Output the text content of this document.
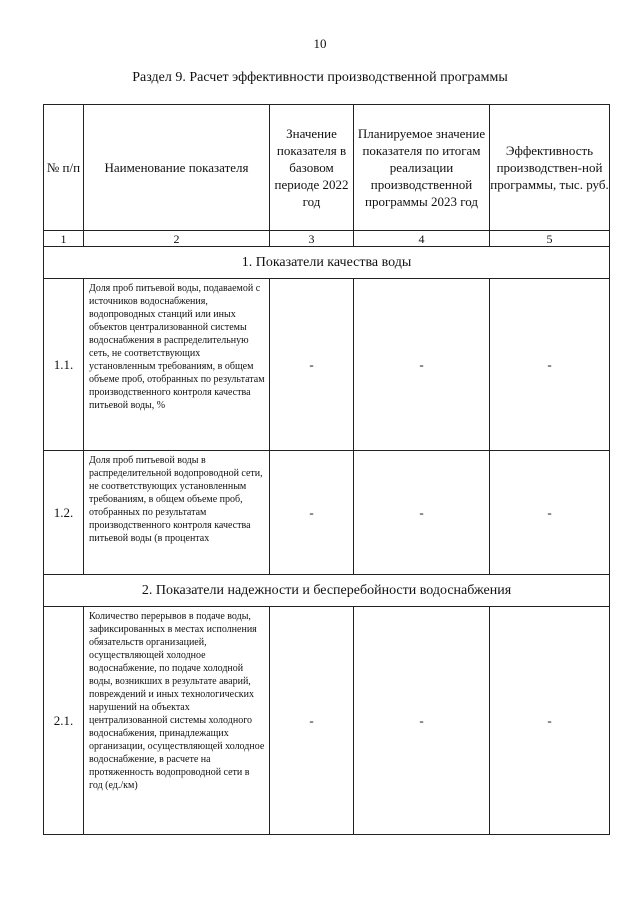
10
Раздел 9. Расчет эффективности производственной программы
№ п/п	Наименование показателя	Значение показателя в базовом периоде 2022 год	Планируемое значение показателя по итогам реализации производственной программы 2023 год	Эффективность производствен-ной программы, тыс. руб.
1	2	3	4	5
1. Показатели качества воды				
1.1.	Доля проб питьевой воды, подаваемой с источников водоснабжения, водопроводных станций или иных объектов централизованной системы водоснабжения в распределительную сеть, не соответствующих установленным требованиям, в общем объеме проб, отобранных по результатам производственного контроля качества питьевой воды, %	-	-	-
1.2.	Доля проб питьевой воды в распределительной водопроводной сети, не соответствующих установленным требованиям, в общем объеме проб, отобранных по результатам производственного контроля качества питьевой воды (в процентах	-	-	-
2. Показатели надежности и бесперебойности водоснабжения				
2.1.	Количество перерывов в подаче воды, зафиксированных в местах исполнения обязательств организацией, осуществляющей холодное водоснабжение, по подаче холодной воды, возникших в результате аварий, повреждений и иных технологических нарушений на объектах централизованной системы холодного водоснабжения, принадлежащих организации, осуществляющей холодное водоснабжение, в расчете на протяженность водопроводной сети в год (ед./км)	-	-	-
